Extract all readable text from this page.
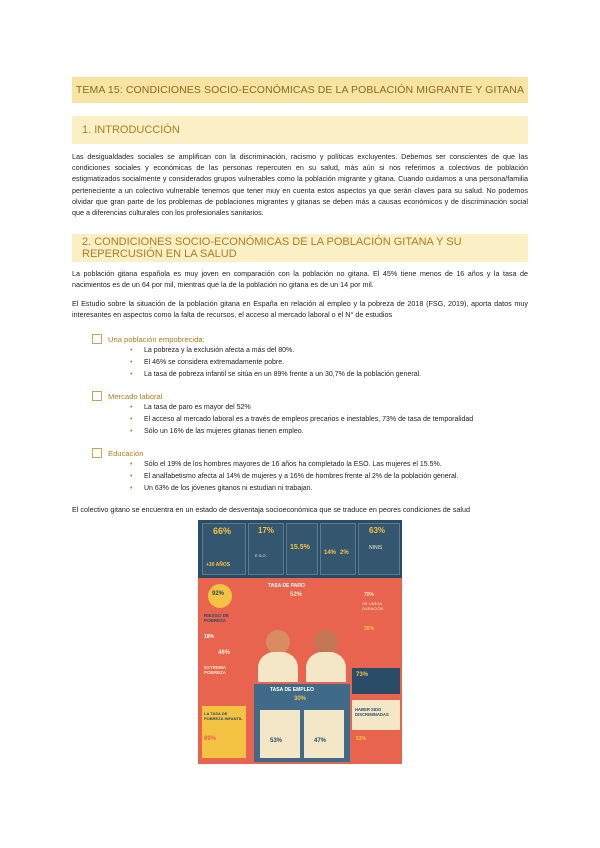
TEMA 15: CONDICIONES SOCIO-ECONÓMICAS DE LA POBLACIÓN MIGRANTE Y GITANA
1. INTRODUCCIÓN

Las desigualdades sociales se amplifican con la discriminación, racismo y políticas excluyentes. Debemos ser conscientes de que las condiciones sociales y económicas de las personas repercuten en su salud, más aún si nos referimos a colectivos de población estigmatizados socialmente y considerados grupos vulnerables como la población migrante y gitana. Cuando cuidamos a una persona/familia perteneciente a un colectivo vulnerable tenemos que tener muy en cuenta estos aspectos ya que serán claves para su salud. No podemos olvidar que gran parte de los problemas de poblaciones migrantes y gitanas se deben más a causas económicos y de discriminación social que a diferencias culturales con los profesionales sanitarios.

2. CONDICIONES SOCIO-ECONÓMICAS DE LA POBLACIÓN GITANA Y SU REPERCUSIÓN EN LA SALUD

La población gitana española es muy joven en comparación con la población no gitana. El 45% tiene menos de 16 años y la tasa de nacimientos es de un 64 por mil, mientras que la de la población no gitana es de un 14 por mil.

El Estudio sobre la situación de la población gitana en España en relación al empleo y la pobreza de 2018 (FSG, 2019), aporta datos muy interesantes en aspectos como la falta de recursos, el acceso al mercado laboral o el N° de estudios

Una población empobrecida:
• La pobreza y la exclusión afecta a más del 80%.
• El 46% se considera extremadamente pobre.
• La tasa de pobreza infantil se sitúa en un 89% frente a un 30,7% de la población general.
Mercado laboral
• La tasa de paro es mayor del 52%
• El acceso al mercado laboral es a través de empleos precarios e inestables, 73% de tasa de temporalidad
• Sólo un 16% de las mujeres gitanas tienen empleo.
Educación
• Sólo el 19% de los hombres mayores de 16 años ha completado la ESO. Las mujeres el 15.5%.
• El analfabetismo afecta al 14% de mujeres y a 16% de hombres frente al 2% de la población general.
• Un 63% de los jóvenes gitanos ni estudian ni trabajan.

El colectivo gitano se encuentra en un estado de desventaja socioeconómica que se traduce en peores condiciones de salud

66%
+30 AÑOS
17%
E.S.O.
15.5%
14% 2%
63%
NINIS
92%
RIESGO DE POBREZA
18%
46%
EXTREMA POBREZA
LA TASA DE POBREZA INFANTIL
89%
TASA DE PARO
52%
TASA DE EMPLEO
30%
53%	47%
70%
DE LARGA DURACIÓN
35%
73%
HABER SIDO DISCRIMINADAS
53%
